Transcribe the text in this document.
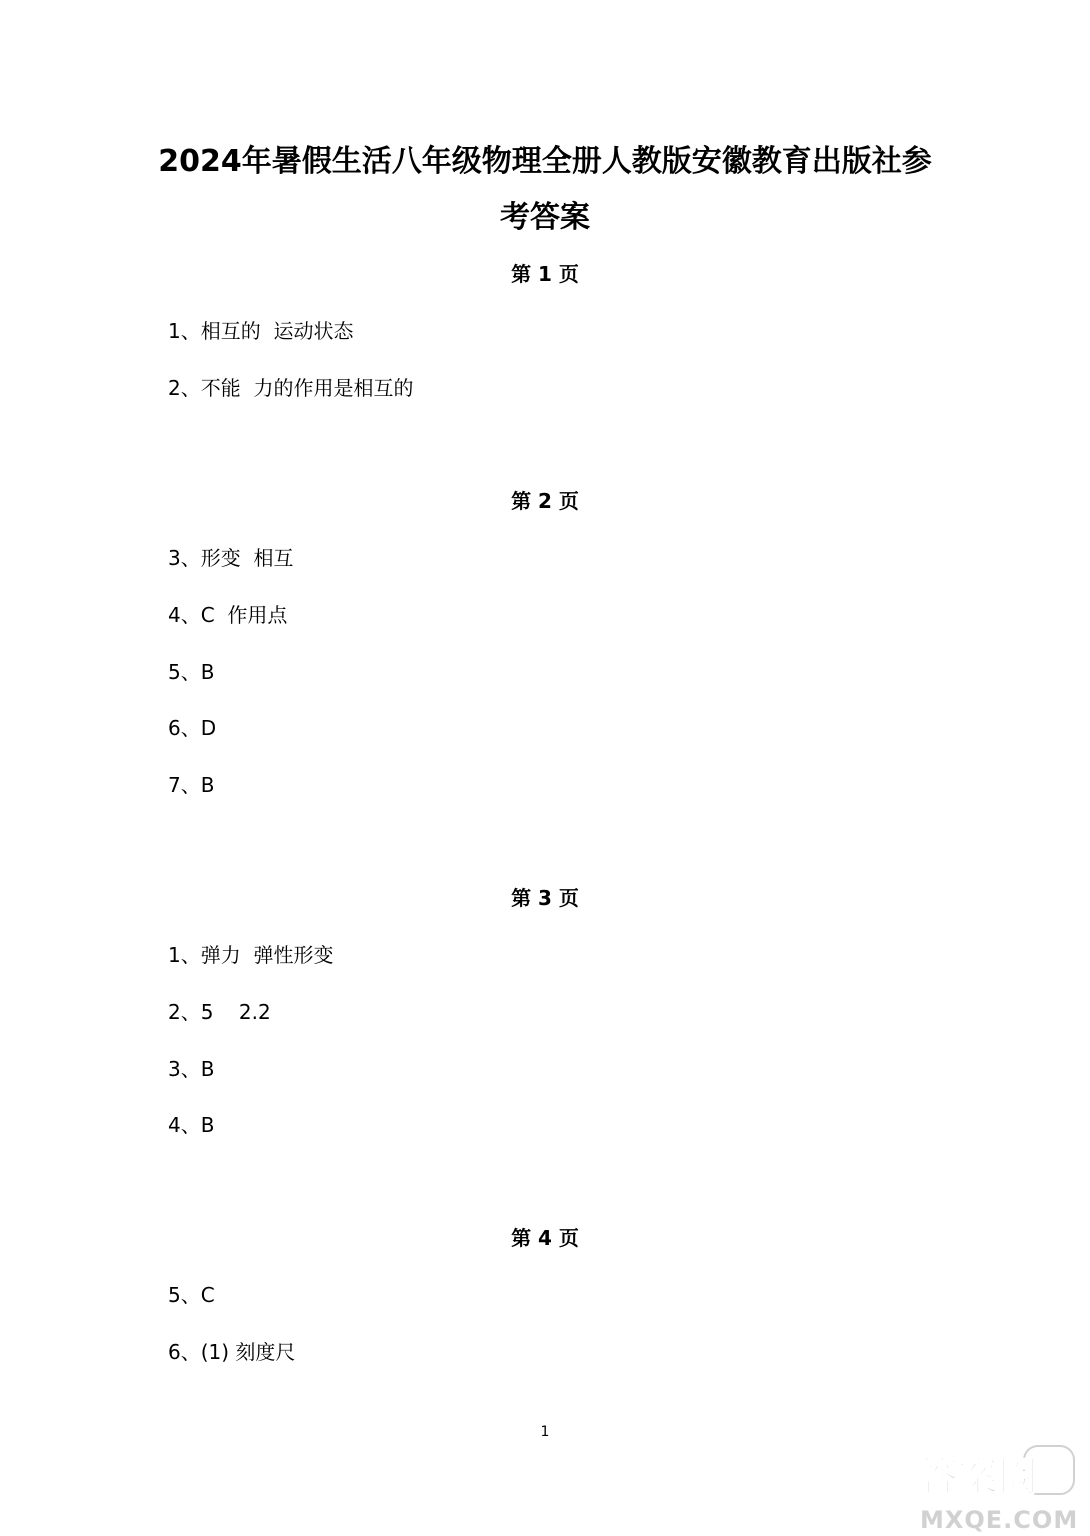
2024年暑假生活八年级物理全册人教版安徽教育出版社参
考答案
第 1 页

1、相互的  运动状态

2、不能  力的作用是相互的

第 2 页

3、形变  相互

4、C  作用点

5、B

6、D

7、B

第 3 页

1、弹力  弹性形变

2、5    2.2

3、B

4、B

第 4 页

5、C

6、(1) 刻度尺

1
答案圈
MXQE.COM
